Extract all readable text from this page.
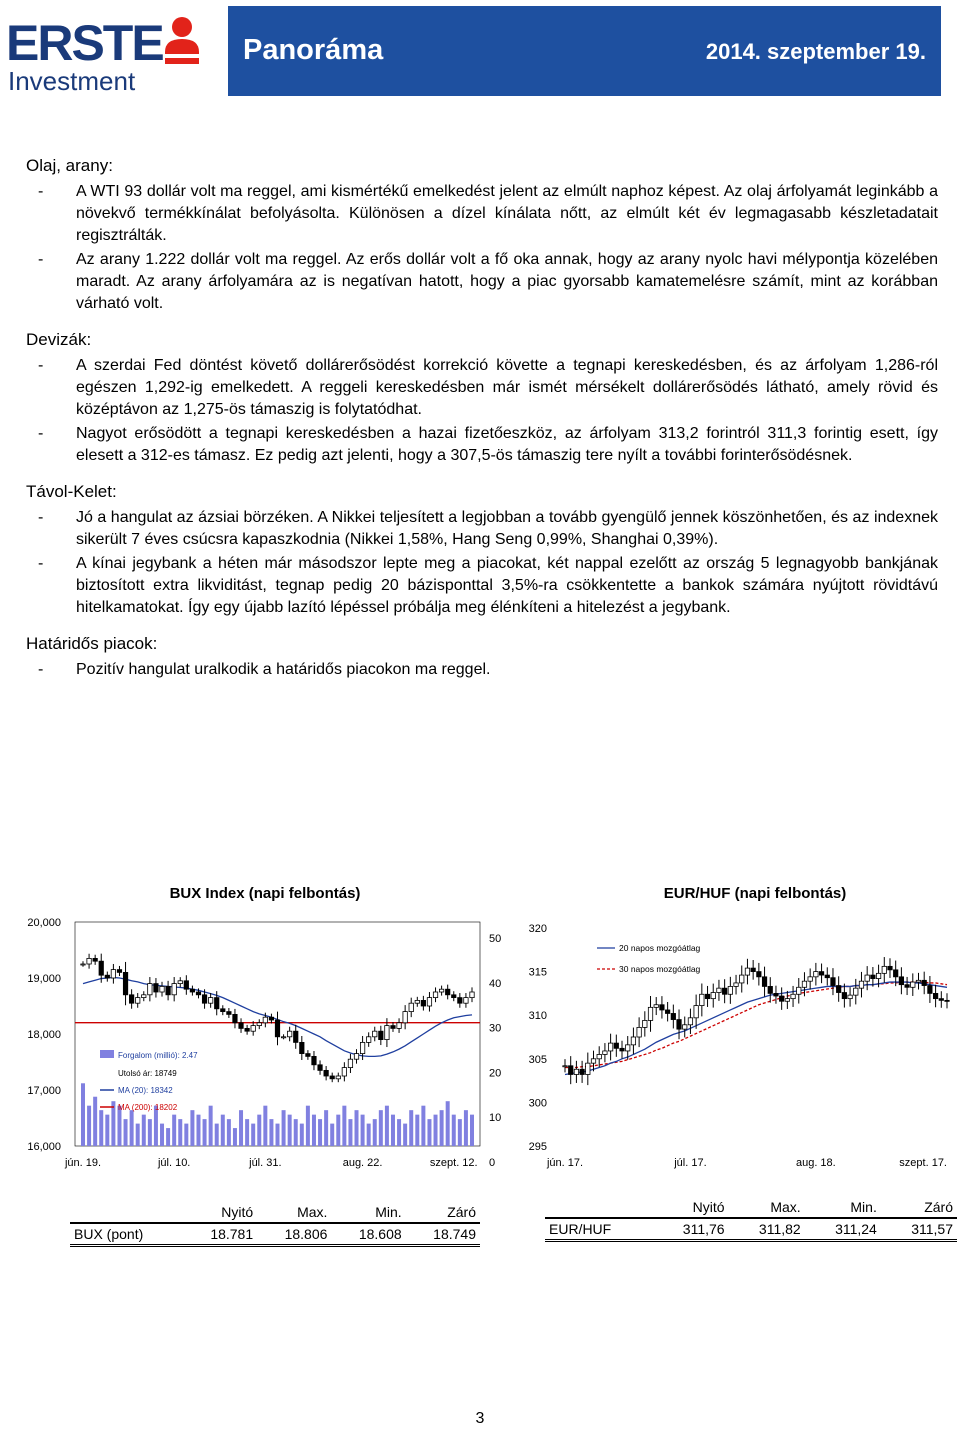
ERSTE
Investment
Panoráma	2014. szeptember 19.
Olaj, arany:
-	A WTI 93 dollár volt ma reggel, ami kismértékű emelkedést jelent az elmúlt naphoz képest. Az olaj árfolyamát leginkább a növekvő termékkínálat befolyásolta. Különösen a dízel kínálata nőtt, az elmúlt két év legmagasabb készletadatait regisztrálták.
-	Az arany 1.222 dollár volt ma reggel. Az erős dollár volt a fő oka annak, hogy az arany nyolc havi mélypontja közelében maradt. Az arany árfolyamára az is negatívan hatott, hogy a piac gyorsabb kamatemelésre számít, mint az korábban várható volt.
Devizák:
-	A szerdai Fed döntést követő dollárerősödést korrekció követte a tegnapi kereskedésben, és az árfolyam 1,286-ról egészen 1,292-ig emelkedett. A reggeli kereskedésben már ismét mérsékelt dollárerősödés látható, amely rövid és középtávon az 1,275-ös támaszig is folytatódhat.
-	Nagyot erősödött a tegnapi kereskedésben a hazai fizetőeszköz, az árfolyam 313,2 forintról 311,3 forintig esett, így elesett a 312-es támasz. Ez pedig azt jelenti, hogy a 307,5-ös támaszig tere nyílt a további forinterősödésnek.
Távol-Kelet:
-	Jó a hangulat az ázsiai börzéken. A Nikkei teljesített a legjobban a tovább gyengülő jennek köszönhetően, és az indexnek sikerült 7 éves csúcsra kapaszkodnia (Nikkei 1,58%, Hang Seng 0,99%, Shanghai 0,39%).
-	A kínai jegybank a héten már másodszor lepte meg a piacokat, két nappal ezelőtt az ország 5 legnagyobb bankjának biztosított extra likviditást, tegnap pedig 20 bázisponttal 3,5%-ra csökkentette a bankok számára nyújtott rövidtávú hitelkamatokat. Így egy újabb lazító lépéssel próbálja meg élénkíteni a hitelezést a jegybank.
Határidős piacok:
-	Pozitív hangulat uralkodik a határidős piacokon ma reggel.
BUX Index (napi felbontás)
20,000
19,000
18,000
17,000
16,000
50
40
30
20
10
0
jún. 19.	júl. 10.	júl. 31.	aug. 22.	szept. 12.
Forgalom (millió): 2.47
Utolsó ár: 18749
MA (20): 18342
MA (200): 18202
EUR/HUF (napi felbontás)
320
315
310
305
300
295
jún. 17.	júl. 17.	aug. 18.	szept. 17.
20 napos mozgóátlag
30 napos mozgóátlag
	Nyitó	Max.	Min.	Záró
BUX (pont)	18.781	18.806	18.608	18.749
	Nyitó	Max.	Min.	Záró
EUR/HUF	311,76	311,82	311,24	311,57
3
